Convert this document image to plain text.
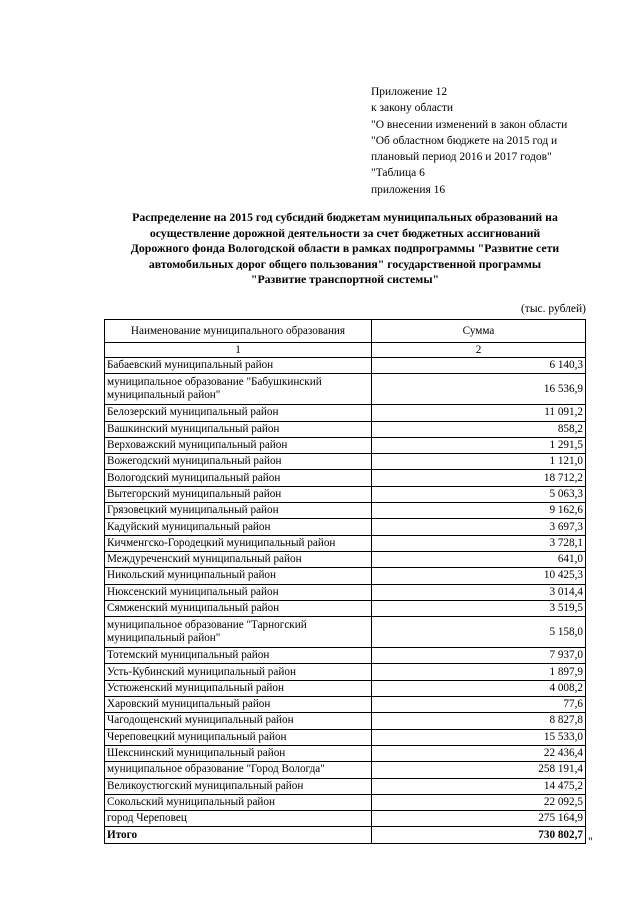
Приложение 12
к закону области
"О внесении изменений в закон области
"Об областном бюджете на 2015 год и
плановый период 2016 и 2017 годов"
"Таблица 6
приложения 16
Распределение на 2015 год субсидий бюджетам муниципальных образований на
осуществление дорожной деятельности за счет бюджетных ассигнований
Дорожного фонда Вологодской области в рамках подпрограммы "Развитие сети
автомобильных дорог общего пользования" государственной программы
"Развитие транспортной системы"
(тыс. рублей)
Наименование муниципального образования	Сумма
1	2
Бабаевский муниципальный район	6 140,3
муниципальное образование "Бабушкинский муниципальный район"	16 536,9
Белозерский муниципальный район	11 091,2
Вашкинский муниципальный район	858,2
Верховажский муниципальный район	1 291,5
Вожегодский муниципальный район	1 121,0
Вологодский муниципальный район	18 712,2
Вытегорский муниципальный район	5 063,3
Грязовецкий муниципальный район	9 162,6
Кадуйский муниципальный район	3 697,3
Кичменгско-Городецкий муниципальный район	3 728,1
Междуреченский муниципальный район	641,0
Никольский муниципальный район	10 425,3
Нюксенский муниципальный район	3 014,4
Сямженский муниципальный район	3 519,5
муниципальное образование "Тарногский муниципальный район"	5 158,0
Тотемский муниципальный район	7 937,0
Усть-Кубинский муниципальный район	1 897,9
Устюженский муниципальный район	4 008,2
Харовский муниципальный район	77,6
Чагодощенский муниципальный район	8 827,8
Череповецкий муниципальный район	15 533,0
Шекснинский муниципальный район	22 436,4
муниципальное образование "Город Вологда"	258 191,4
Великоустюгский муниципальный район	14 475,2
Сокольский муниципальный район	22 092,5
город Череповец	275 164,9
Итого	730 802,7 "
